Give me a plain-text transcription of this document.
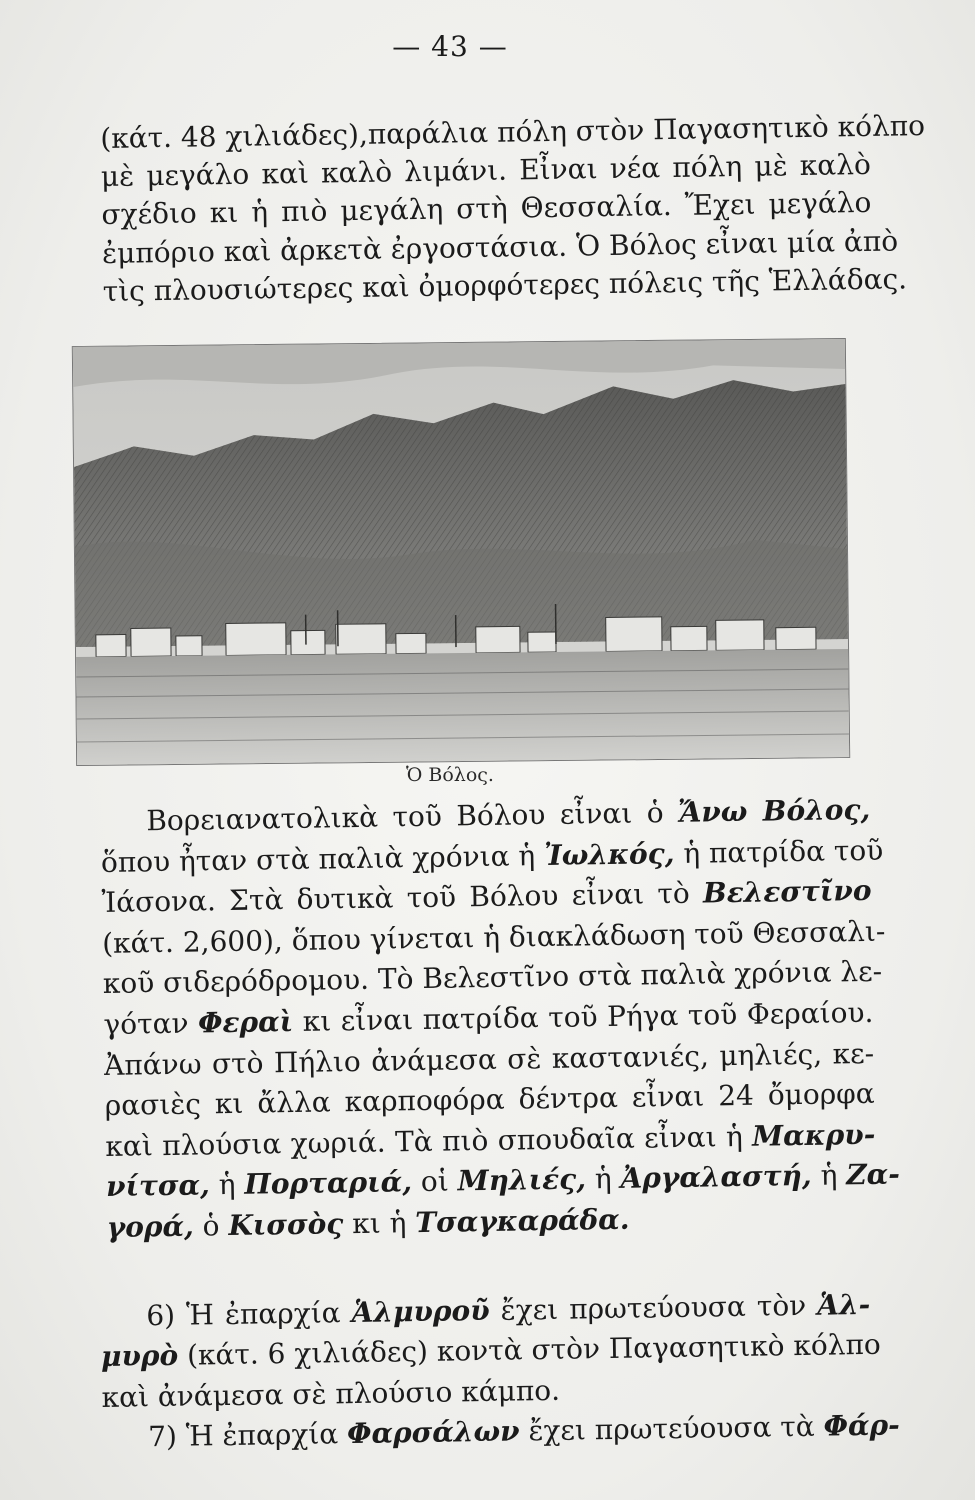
— 43 —
(κάτ. 48 χιλιάδες),παράλια πόλη στὸν Παγασητικὸ κόλπο
μὲ μεγάλο καὶ καλὸ λιμάνι. Εἶναι νέα πόλη μὲ καλὸ
σχέδιο κι ἡ πιὸ μεγάλη στὴ Θεσσαλία. Ἔχει μεγάλο
ἐμπόριο καὶ ἀρκετὰ ἐργοστάσια. Ὁ Βόλος εἶναι μία ἀπὸ
τὶς πλουσιώτερες καὶ ὀμορφότερες πόλεις τῆς Ἑλλάδας.
Ὁ Βόλος.
Βορειανατολικὰ τοῦ Βόλου εἶναι ὁ Ἄνω Βόλος,
ὅπου ἦταν στὰ παλιὰ χρόνια ἡ Ἰωλκός, ἡ πατρίδα τοῦ
Ἰάσονα. Στὰ δυτικὰ τοῦ Βόλου εἶναι τὸ Βελεστῖνο
(κάτ. 2,600), ὅπου γίνεται ἡ διακλάδωση τοῦ Θεσσαλι-
κοῦ σιδερόδρομου. Τὸ Βελεστῖνο στὰ παλιὰ χρόνια λε-
γόταν Φεραὶ κι εἶναι πατρίδα τοῦ Ρήγα τοῦ Φεραίου.
Ἀπάνω στὸ Πήλιο ἀνάμεσα σὲ καστανιές, μηλιές, κε-
ρασιὲς κι ἄλλα καρποφόρα δέντρα εἶναι 24 ὄμορφα
καὶ πλούσια χωριά. Τὰ πιὸ σπουδαῖα εἶναι ἡ Μακρυ-
νίτσα, ἡ Πορταριά, οἱ Μηλιές, ἡ Ἀργαλαστή, ἡ Ζα-
γορά, ὁ Κισσὸς κι ἡ Τσαγκαράδα.
6) Ἡ ἐπαρχία Ἁλμυροῦ ἔχει πρωτεύουσα τὸν Ἁλ-
μυρὸ (κάτ. 6 χιλιάδες) κοντὰ στὸν Παγασητικὸ κόλπο
καὶ ἀνάμεσα σὲ πλούσιο κάμπο.
7) Ἡ ἐπαρχία Φαρσάλων ἔχει πρωτεύουσα τὰ Φάρ-
